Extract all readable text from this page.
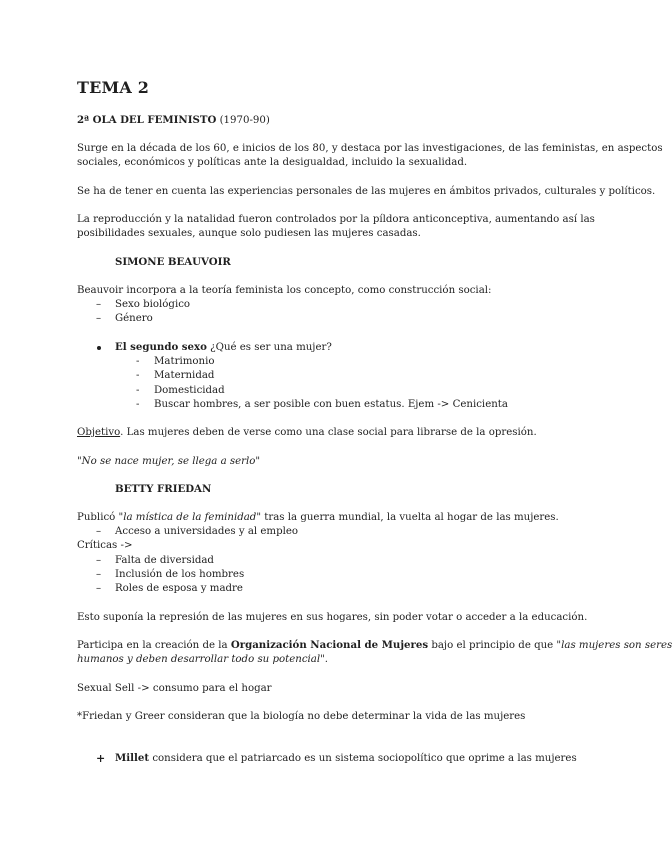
TEMA 2
2ª OLA DEL FEMINISTO (1970-90)
Surge en la década de los 60, e inicios de los 80, y destaca por las investigaciones, de las feministas, en aspectos
sociales, económicos y políticas ante la desigualdad, incluido la sexualidad.
Se ha de tener en cuenta las experiencias personales de las mujeres en ámbitos privados, culturales y políticos.
La reproducción y la natalidad fueron controlados por la píldora anticonceptiva, aumentando así las
posibilidades sexuales, aunque solo pudiesen las mujeres casadas.
SIMONE BEAUVOIR
Beauvoir incorpora a la teoría feminista los concepto, como construcción social:
– Sexo biológico
– Género
El segundo sexo ¿Qué es ser una mujer?
- Matrimonio
- Maternidad
- Domesticidad
- Buscar hombres, a ser posible con buen estatus. Ejem -> Cenicienta
Objetivo. Las mujeres deben de verse como una clase social para librarse de la opresión.
"No se nace mujer, se llega a serlo"
BETTY FRIEDAN
Publicó "la mística de la feminidad" tras la guerra mundial, la vuelta al hogar de las mujeres.
– Acceso a universidades y al empleo
Críticas ->
– Falta de diversidad
– Inclusión de los hombres
– Roles de esposa y madre
Esto suponía la represión de las mujeres en sus hogares, sin poder votar o acceder a la educación.
Participa en la creación de la Organización Nacional de Mujeres bajo el principio de que "las mujeres son seres
humanos y deben desarrollar todo su potencial".
Sexual Sell -> consumo para el hogar
*Friedan y Greer consideran que la biología no debe determinar la vida de las mujeres
+ Millet considera que el patriarcado es un sistema sociopolítico que oprime a las mujeres
